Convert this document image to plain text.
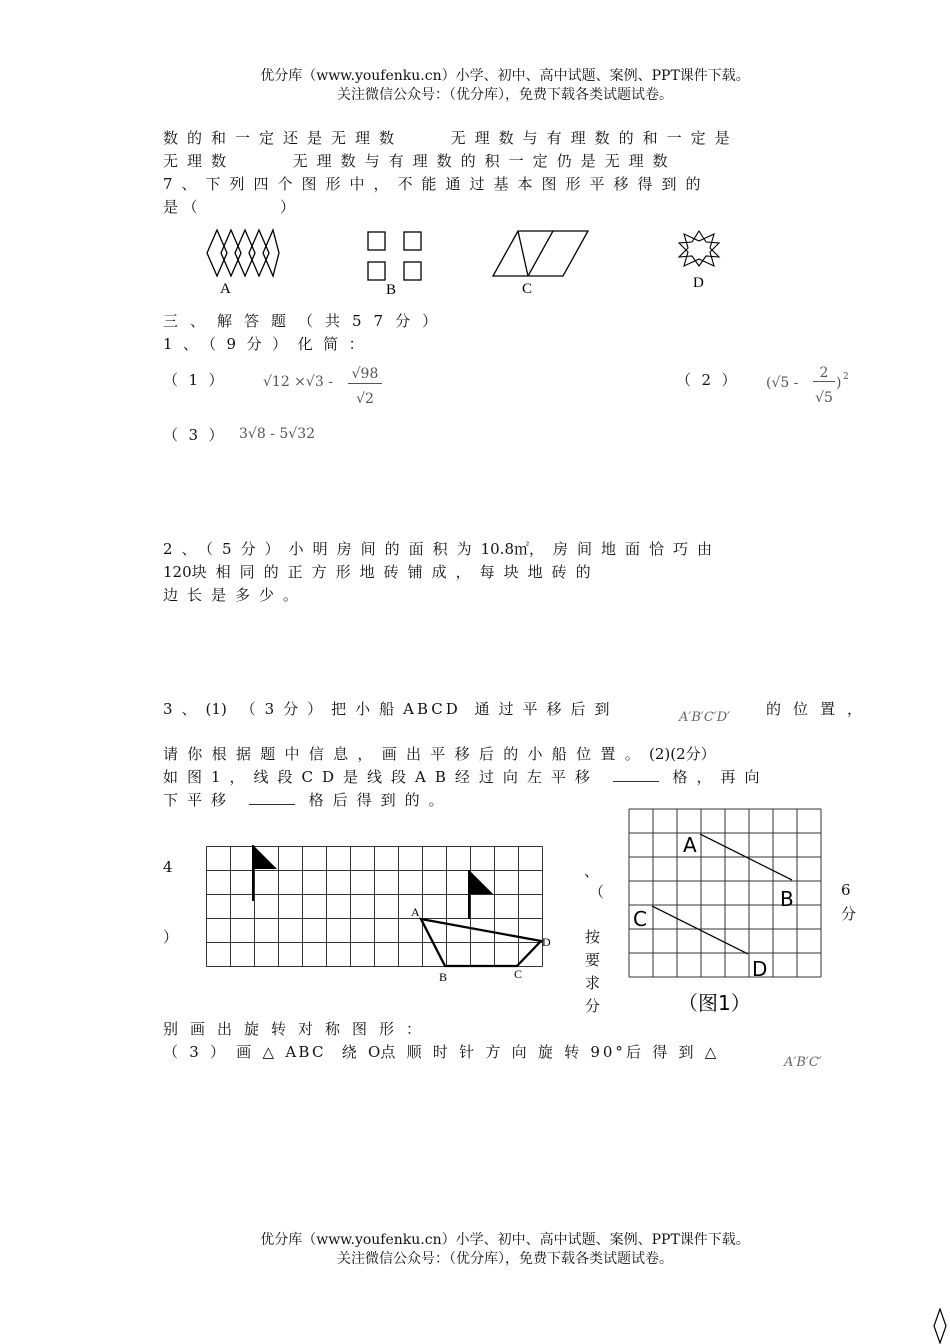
优分库（www.youfenku.cn）小学、初中、高中试题、案例、PPT课件下载。
关注微信公众号：（优分库），免费下载各类试题试卷。
数的和一定还是无理数	无理数与有理数的和一定是
无理数	无理数与有理数的积一定仍是无理数
7、下列四个图形中，不能通过基本图形平移得到的
是（　　　　）
A	B	C	D
三、解答题（共57分）
1、（9分）化简：
（1） √12 ×√3 - √98
√2
（2） (√5 -
2
√5
) 2
（3） 3√8 - 5√32
2、（5分）小明房间的面积为10.8㎡，房间地面恰巧由
120块相同的正方形地砖铺成，每块地砖的
边长是多少。
3、(1) （3分）把小船ABCD 通过平移后到	A′B′C′D′ 的位置，
请你根据题中信息，画出平移后的小船位置。(2)(2分）
如图1，线段CD是线段AB经过向左平移	格，再向
下平移	格后得到的。
4
）
A
B	C
D
、
（
按
要
求
分
A
B
C
D
（图1）
6
分
别画出旋转对称图形：
（3）画△ABC 绕O点顺时针方向旋转90°后得到△
A′B′C′
优分库（www.youfenku.cn）小学、初中、高中试题、案例、PPT课件下载。
关注微信公众号：（优分库），免费下载各类试题试卷。
